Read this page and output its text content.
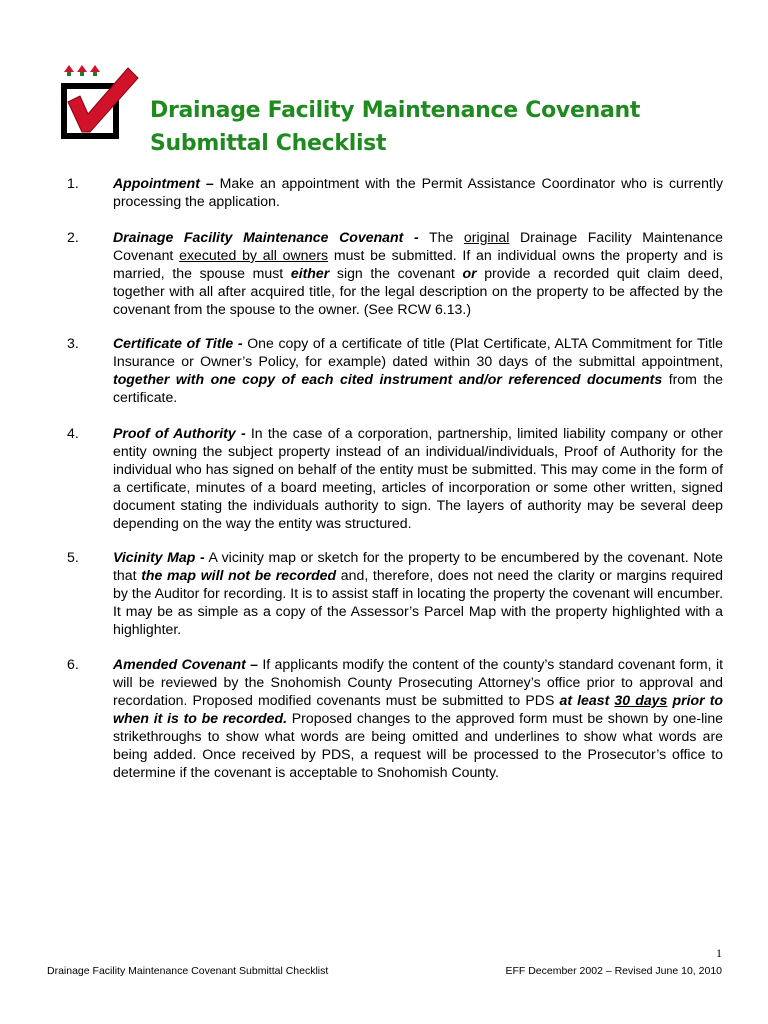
Drainage Facility Maintenance Covenant
Submittal Checklist
1. Appointment – Make an appointment with the Permit Assistance Coordinator who is currently processing the application.
2. Drainage Facility Maintenance Covenant - The original Drainage Facility Maintenance Covenant executed by all owners must be submitted. If an individual owns the property and is married, the spouse must either sign the covenant or provide a recorded quit claim deed, together with all after acquired title, for the legal description on the property to be affected by the covenant from the spouse to the owner. (See RCW 6.13.)
3. Certificate of Title - One copy of a certificate of title (Plat Certificate, ALTA Commitment for Title Insurance or Owner’s Policy, for example) dated within 30 days of the submittal appointment, together with one copy of each cited instrument and/or referenced documents from the certificate.
4. Proof of Authority - In the case of a corporation, partnership, limited liability company or other entity owning the subject property instead of an individual/individuals, Proof of Authority for the individual who has signed on behalf of the entity must be submitted. This may come in the form of a certificate, minutes of a board meeting, articles of incorporation or some other written, signed document stating the individuals authority to sign. The layers of authority may be several deep depending on the way the entity was structured.
5. Vicinity Map - A vicinity map or sketch for the property to be encumbered by the covenant. Note that the map will not be recorded and, therefore, does not need the clarity or margins required by the Auditor for recording. It is to assist staff in locating the property the covenant will encumber. It may be as simple as a copy of the Assessor’s Parcel Map with the property highlighted with a highlighter.
6. Amended Covenant – If applicants modify the content of the county’s standard covenant form, it will be reviewed by the Snohomish County Prosecuting Attorney’s office prior to approval and recordation. Proposed modified covenants must be submitted to PDS at least 30 days prior to when it is to be recorded. Proposed changes to the approved form must be shown by one-line strikethroughs to show what words are being omitted and underlines to show what words are being added. Once received by PDS, a request will be processed to the Prosecutor’s office to determine if the covenant is acceptable to Snohomish County.
1
Drainage Facility Maintenance Covenant Submittal Checklist	EFF December 2002 – Revised June 10, 2010
